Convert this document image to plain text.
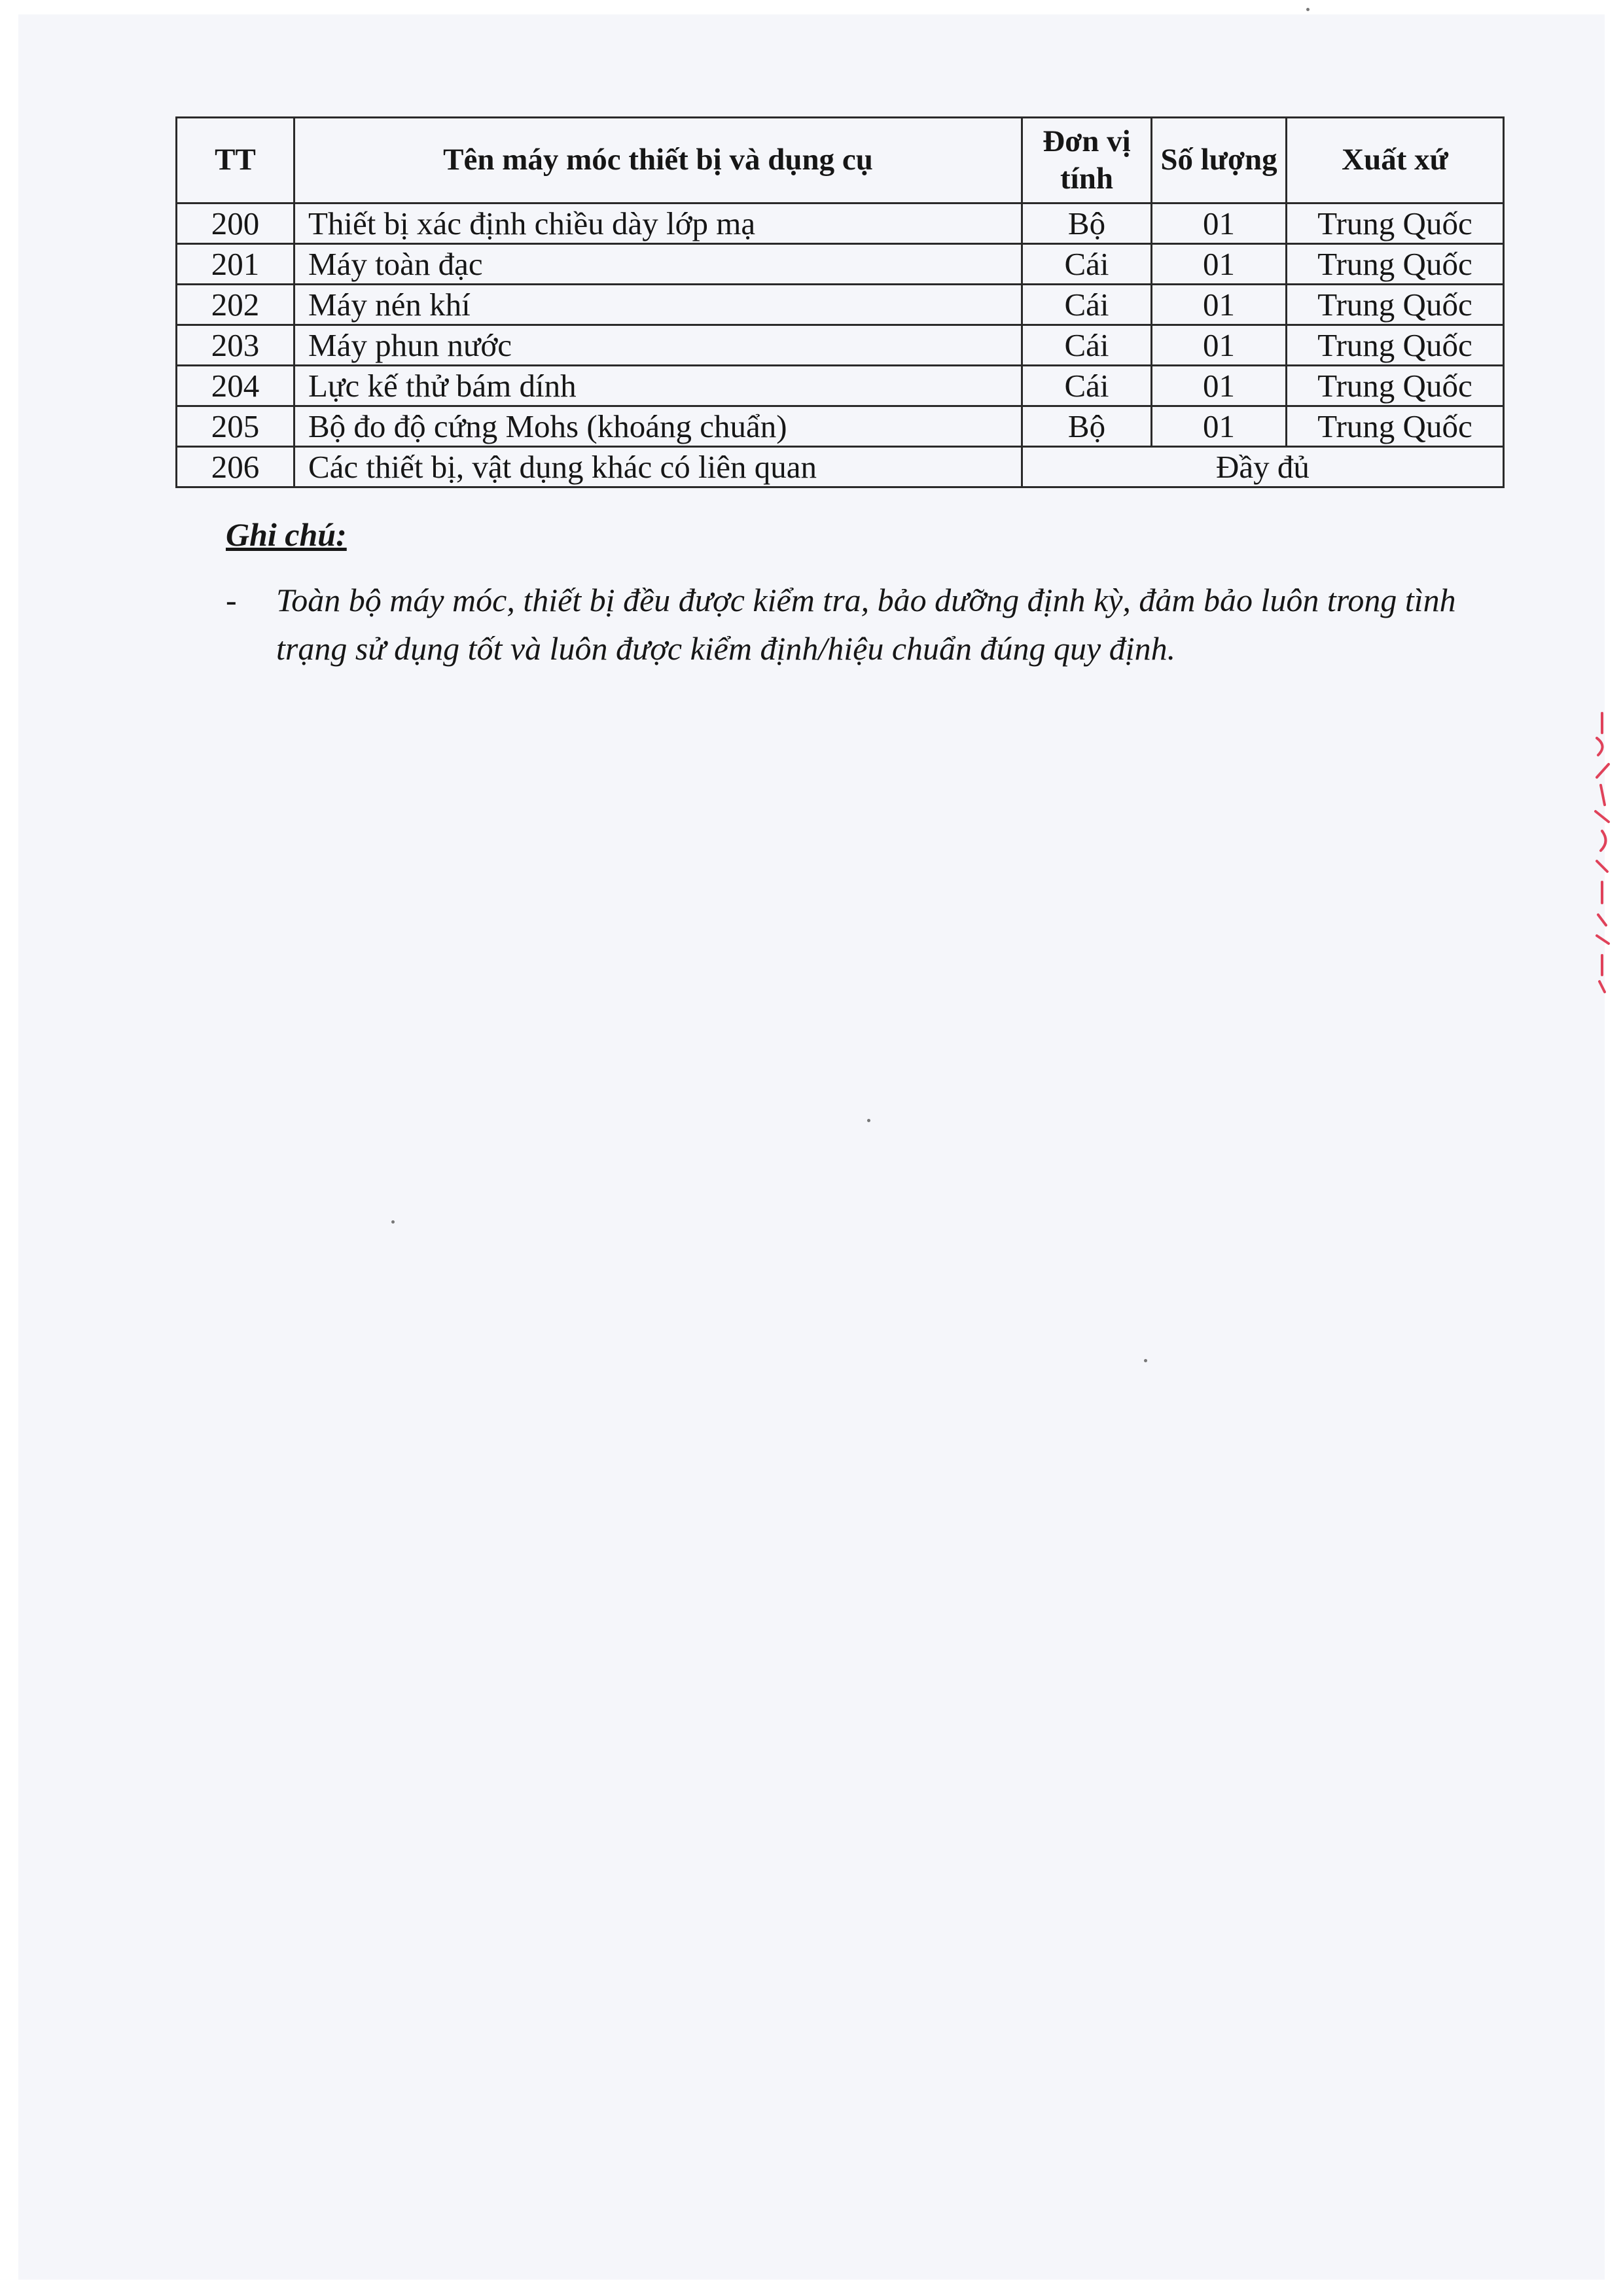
TT	Tên máy móc thiết bị và dụng cụ	Đơn vị tính	Số lượng	Xuất xứ
200	Thiết bị xác định chiều dày lớp mạ	Bộ	01	Trung Quốc
201	Máy toàn đạc	Cái	01	Trung Quốc
202	Máy nén khí	Cái	01	Trung Quốc
203	Máy phun nước	Cái	01	Trung Quốc
204	Lực kế thử bám dính	Cái	01	Trung Quốc
205	Bộ đo độ cứng Mohs (khoáng chuẩn)	Bộ	01	Trung Quốc
206	Các thiết bị, vật dụng khác có liên quan	Đầy đủ		
Ghi chú:
- Toàn bộ máy móc, thiết bị đều được kiểm tra, bảo dưỡng định kỳ, đảm bảo luôn trong tình trạng sử dụng tốt và luôn được kiểm định/hiệu chuẩn đúng quy định.
